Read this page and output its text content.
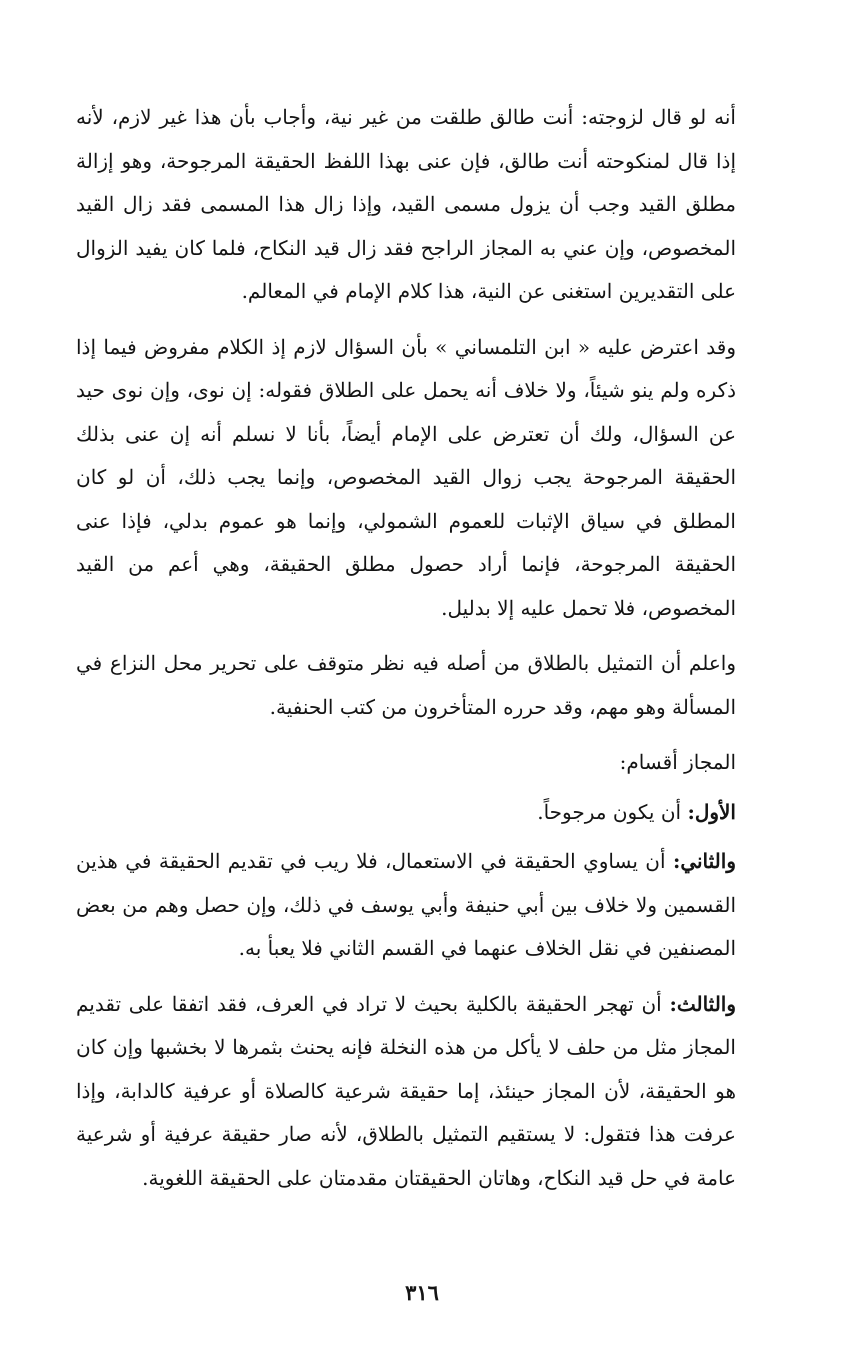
أنه لو قال لزوجته: أنت طالق طلقت من غير نية، وأجاب بأن هذا غير لازم، لأنه إذا قال لمنكوحته أنت طالق، فإن عنى بهذا اللفظ الحقيقة المرجوحة، وهو إزالة مطلق القيد وجب أن يزول مسمى القيد، وإذا زال هذا المسمى فقد زال القيد المخصوص، وإن عني به المجاز الراجح فقد زال قيد النكاح، فلما كان يفيد الزوال على التقديرين استغنى عن النية، هذا كلام الإمام في المعالم.

وقد اعترض عليه « ابن التلمساني » بأن السؤال لازم إذ الكلام مفروض فيما إذا ذكره ولم ينو شيئاً، ولا خلاف أنه يحمل على الطلاق فقوله: إن نوى، وإن نوى حيد عن السؤال، ولك أن تعترض على الإمام أيضاً، بأنا لا نسلم أنه إن عنى بذلك الحقيقة المرجوحة يجب زوال القيد المخصوص، وإنما يجب ذلك، أن لو كان المطلق في سياق الإثبات للعموم الشمولي، وإنما هو عموم بدلي، فإذا عنى الحقيقة المرجوحة، فإنما أراد حصول مطلق الحقيقة، وهي أعم من القيد المخصوص، فلا تحمل عليه إلا بدليل.

واعلم أن التمثيل بالطلاق من أصله فيه نظر متوقف على تحرير محل النزاع في المسألة وهو مهم، وقد حرره المتأخرون من كتب الحنفية.

المجاز أقسام:

الأول: أن يكون مرجوحاً.

والثاني: أن يساوي الحقيقة في الاستعمال، فلا ريب في تقديم الحقيقة في هذين القسمين ولا خلاف بين أبي حنيفة وأبي يوسف في ذلك، وإن حصل وهم من بعض المصنفين في نقل الخلاف عنهما في القسم الثاني فلا يعبأ به.

والثالث: أن تهجر الحقيقة بالكلية بحيث لا تراد في العرف، فقد اتفقا على تقديم المجاز مثل من حلف لا يأكل من هذه النخلة فإنه يحنث بثمرها لا بخشبها وإن كان هو الحقيقة، لأن المجاز حينئذ، إما حقيقة شرعية كالصلاة أو عرفية كالدابة، وإذا عرفت هذا فتقول: لا يستقيم التمثيل بالطلاق، لأنه صار حقيقة عرفية أو شرعية عامة في حل قيد النكاح، وهاتان الحقيقتان مقدمتان على الحقيقة اللغوية.

٣١٦
